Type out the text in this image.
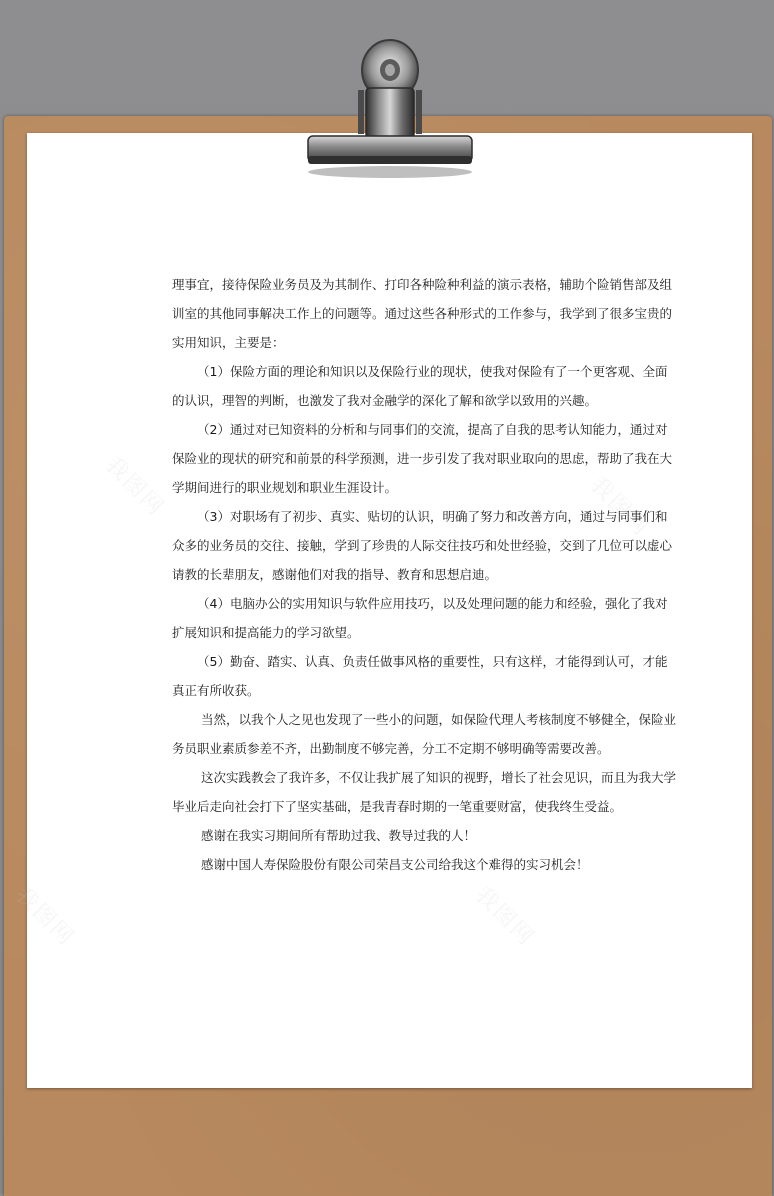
我图网	我图网
我图网	我图网
理事宜，接待保险业务员及为其制作、打印各种险种利益的演示表格，辅助个险销售部及组
训室的其他同事解决工作上的问题等。通过这些各种形式的工作参与，我学到了很多宝贵的
实用知识，主要是：
（1）保险方面的理论和知识以及保险行业的现状，使我对保险有了一个更客观、全面
的认识，理智的判断，也激发了我对金融学的深化了解和欲学以致用的兴趣。
（2）通过对已知资料的分析和与同事们的交流，提高了自我的思考认知能力，通过对
保险业的现状的研究和前景的科学预测，进一步引发了我对职业取向的思虑，帮助了我在大
学期间进行的职业规划和职业生涯设计。
（3）对职场有了初步、真实、贴切的认识，明确了努力和改善方向，通过与同事们和
众多的业务员的交往、接触，学到了珍贵的人际交往技巧和处世经验，交到了几位可以虚心
请教的长辈朋友，感谢他们对我的指导、教育和思想启迪。
（4）电脑办公的实用知识与软件应用技巧，以及处理问题的能力和经验，强化了我对
扩展知识和提高能力的学习欲望。
（5）勤奋、踏实、认真、负责任做事风格的重要性，只有这样，才能得到认可，才能
真正有所收获。
当然，以我个人之见也发现了一些小的问题，如保险代理人考核制度不够健全，保险业
务员职业素质参差不齐，出勤制度不够完善，分工不定期不够明确等需要改善。
这次实践教会了我许多，不仅让我扩展了知识的视野，增长了社会见识，而且为我大学
毕业后走向社会打下了坚实基础，是我青春时期的一笔重要财富，使我终生受益。
感谢在我实习期间所有帮助过我、教导过我的人！
感谢中国人寿保险股份有限公司荣昌支公司给我这个难得的实习机会！
